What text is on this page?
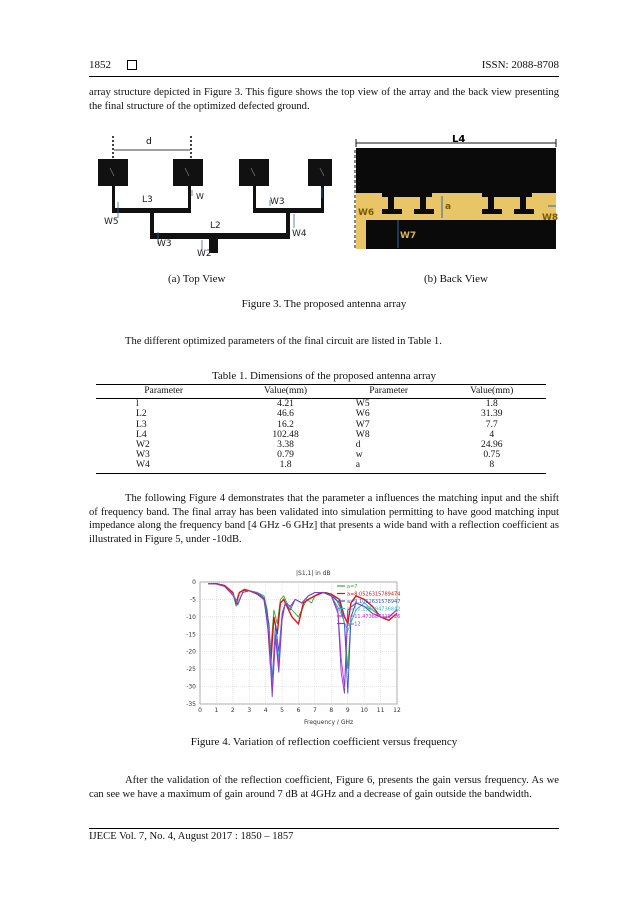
1852	ISSN: 2088-8708
array structure depicted in Figure 3. This figure shows the top view of the array and the back view presenting the final structure of the optimized defected ground.
d
L3	W
W5
W3
L2
W4
W3
W2
L4
W6
a
W7
W8
(a) Top View	(b) Back View
Figure 3. The proposed antenna array
The different optimized parameters of the final circuit are listed in Table 1.
Table 1. Dimensions of the proposed antenna array
Parameter	Value(mm)	Parameter	Value(mm)
l	4.21	W5	1.8
L2	46.6	W6	31.39
L3	16.2	W7	7.7
L4	102.48	W8	4
W2	3.38	d	24.96
W3	0.79	w	0.75
W4	1.8	a	8
The following Figure 4 demonstrates that the parameter a influences the matching input and the shift of frequency band. The final array has been validated into simulation permitting to have good matching input impedance along the frequency band [4 GHz -6 GHz] that presents a wide band with a reflection coefficient as illustrated in Figure 5, under -10dB.
|S1,1| in dB
Frequency / GHz
0 1 2 3 4 5 6 7 8 9 10 11 12
0
-5
-10
-15
-20
-25
-30
-35
a=7
a=8.0526315789474
a=9.1052631578947
a=10.157894736842
a=11.473684210526
a=12
Figure 4. Variation of reflection coefficient versus frequency
After the validation of the reflection coefficient, Figure 6, presents the gain versus frequency. As we can see we have a maximum of gain around 7 dB at 4GHz and a decrease of gain outside the bandwidth.
IJECE Vol. 7, No. 4, August 2017 : 1850 – 1857
